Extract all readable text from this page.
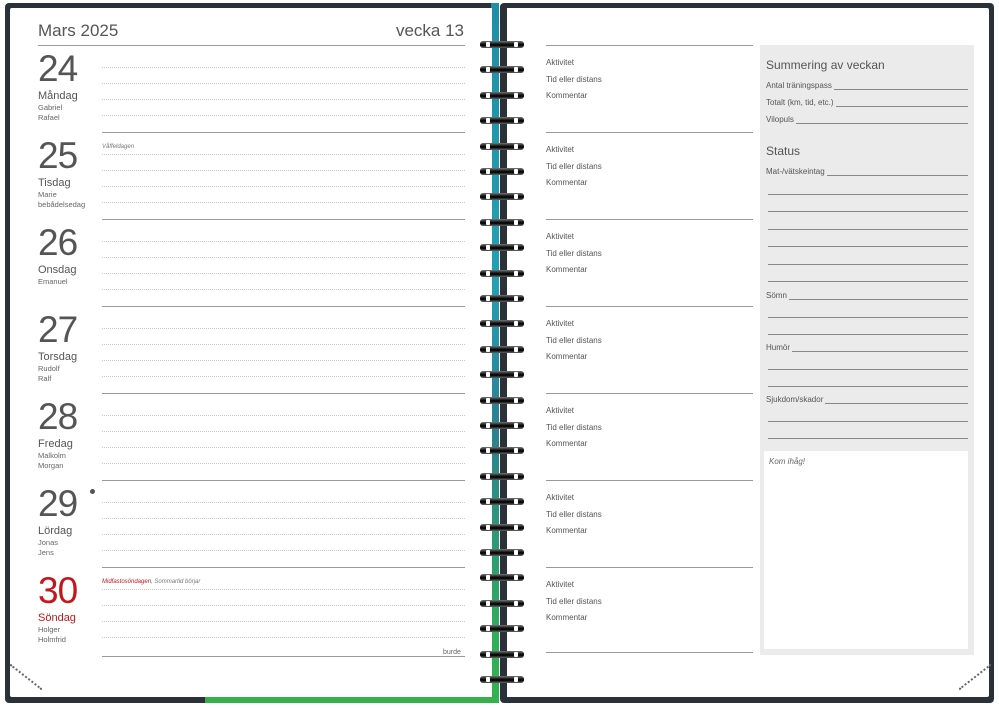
Mars 2025	vecka 13
24
Måndag
Gabriel
Rafael
25
Tisdag
Marie
bebådelsedag
Våffeldagen
26
Onsdag
Emanuel
27
Torsdag
Rudolf
Ralf
28
Fredag
Malkolm
Morgan
29
Lördag
Jonas
Jens
30
Söndag
Holger
Holmfrid
Midfastosöndagen, Sommartid börjar
burde
Aktivitet
Tid eller distans
Kommentar
Aktivitet
Tid eller distans
Kommentar
Aktivitet
Tid eller distans
Kommentar
Aktivitet
Tid eller distans
Kommentar
Aktivitet
Tid eller distans
Kommentar
Aktivitet
Tid eller distans
Kommentar
Aktivitet
Tid eller distans
Kommentar
Summering av veckan
Antal träningspass
Totalt (km, tid, etc.)
Vilopuls
Status
Mat-/vätskeintag
Sömn
Humör
Sjukdom/skador
Kom ihåg!
